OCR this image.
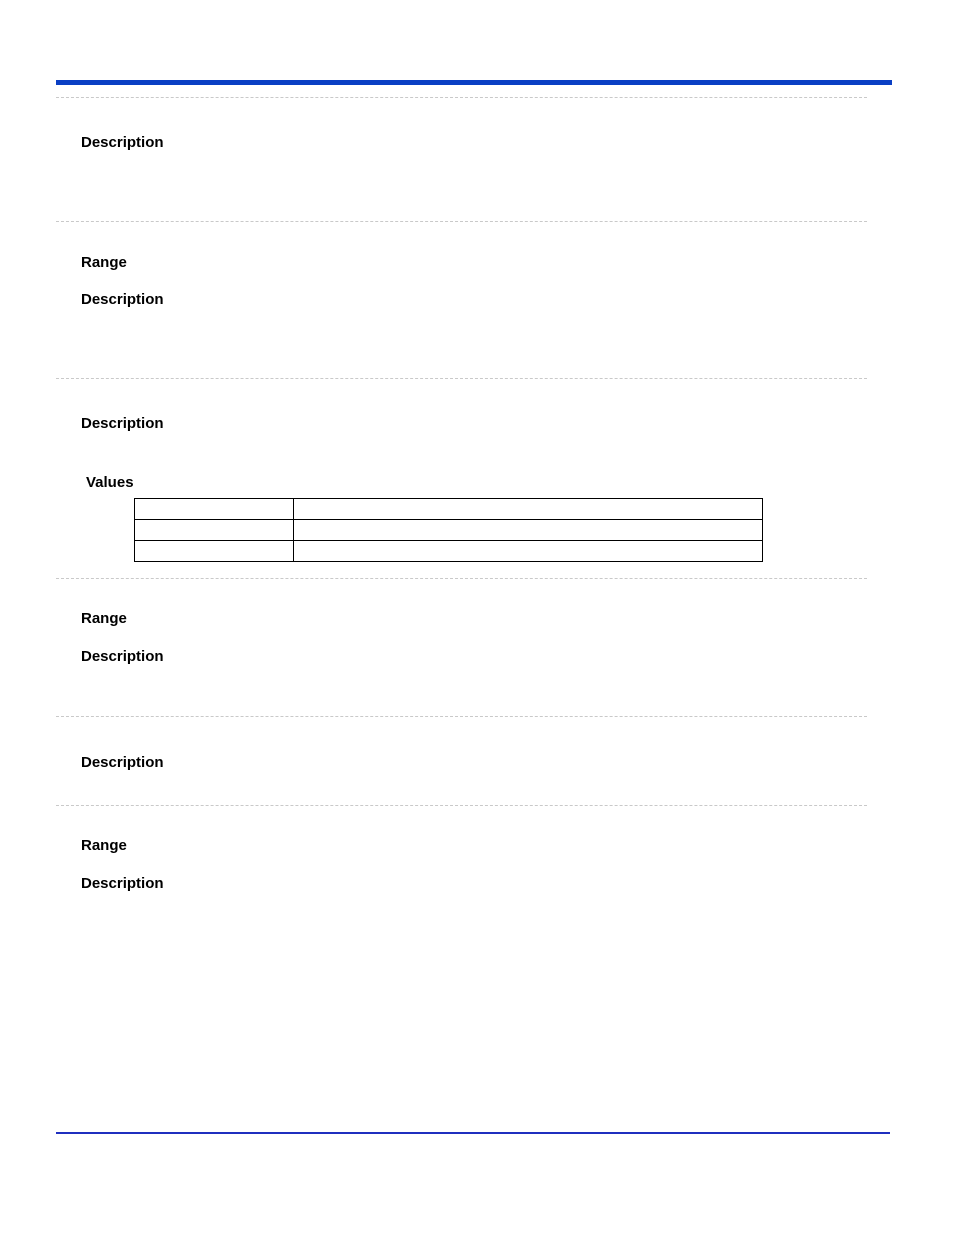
Description
Range
Description
Description
Values

Range
Description
Description
Range
Description
